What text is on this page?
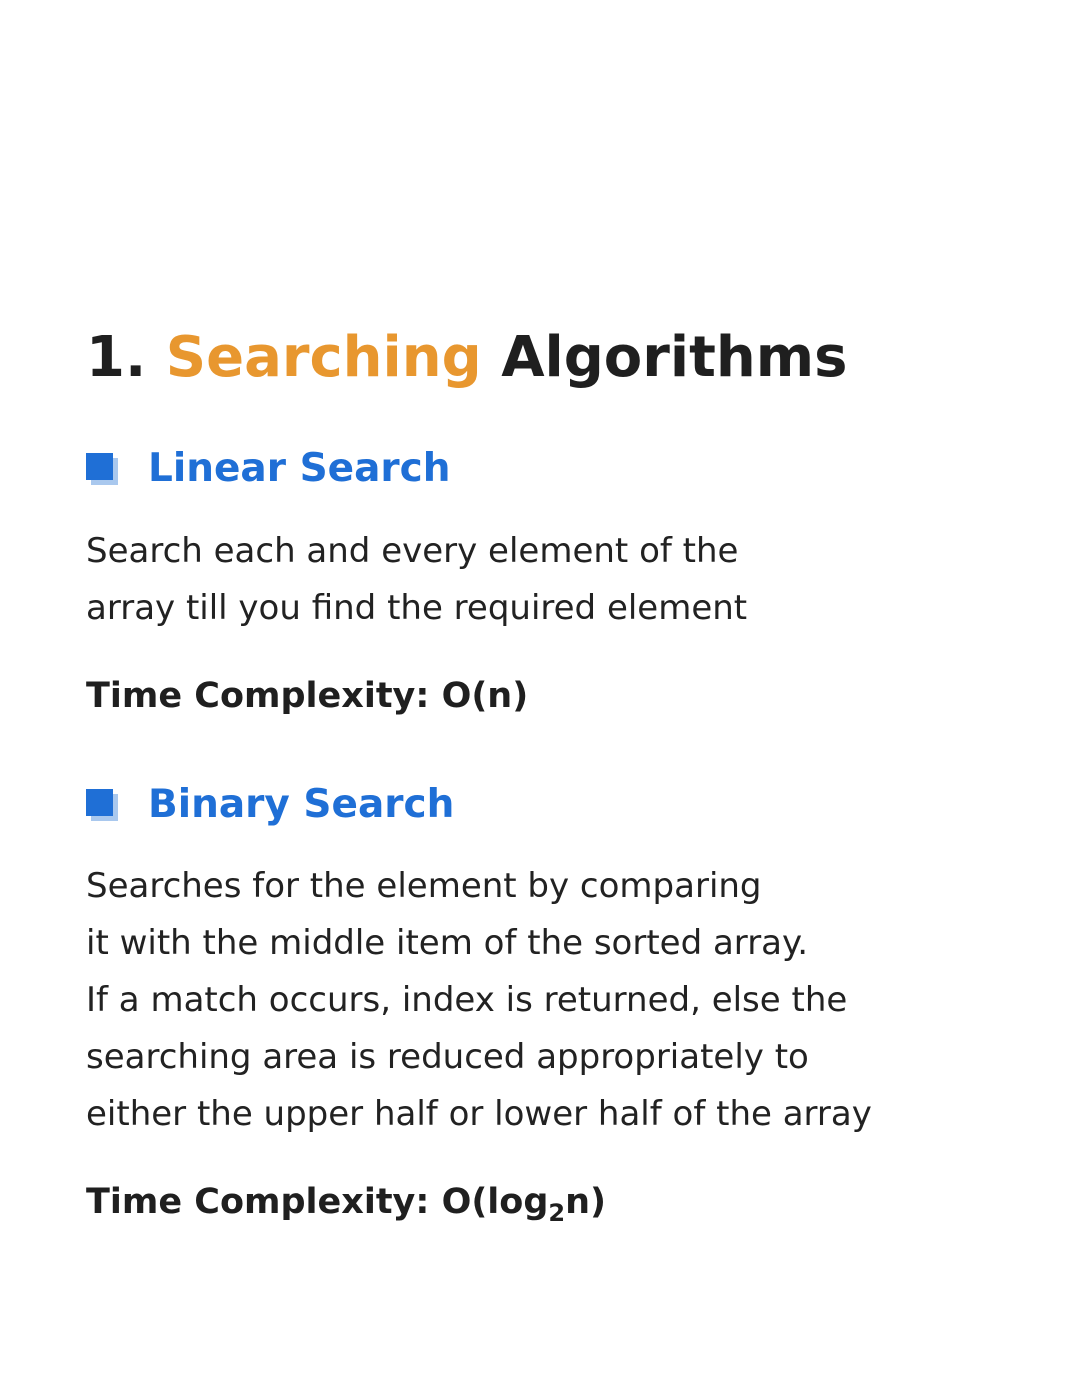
1. Searching Algorithms
Linear Search

Search each and every element of the
array till you find the required element

Time Complexity: O(n)

Binary Search

Searches for the element by comparing
it with the middle item of the sorted array.
If a match occurs, index is returned, else the
searching area is reduced appropriately to
either the upper half or lower half of the array

Time Complexity: $O(\log_2n)$
